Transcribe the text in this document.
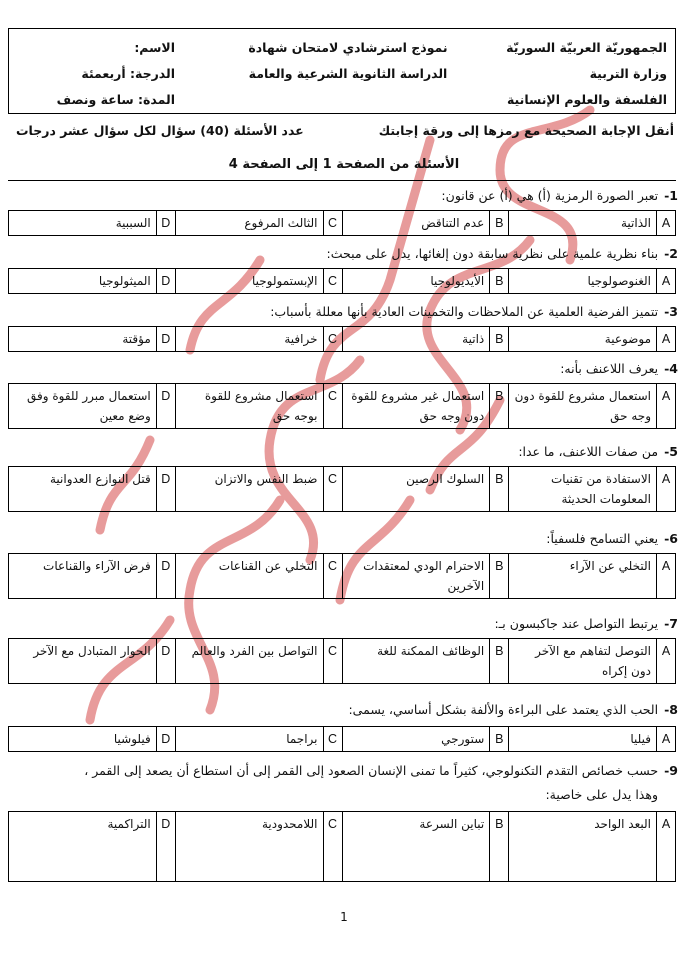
الجمهوريّة العربيّة السوريّة
وزارة التربية
الفلسفة والعلوم الإنسانية
نموذج استرشادي لامتحان شهادة
الدراسة الثانوية الشرعية والعامة
الاسم:
الدرجة: أربعمئة
المدة: ساعة ونصف
أنقل الإجابة الصحيحة مع رمزها إلى ورقة إجابتك
عدد الأسئلة (40) سؤال لكل سؤال عشر درجات
الأسئلة من الصفحة 1 إلى الصفحة 4
1-تعبر الصورة الرمزية (أ) هي (أ) عن قانون:
A	الذاتية	B	عدم التناقض	C	الثالث المرفوع	D	السببية
2-بناء نظرية علمية على نظرية سابقة دون إلغائها، يدل على مبحث:
A	الغنوصولوجيا	B	الأيديولوجيا	C	الإبستمولوجيا	D	الميثولوجيا
3-تتميز الفرضية العلمية عن الملاحظات والتخمينات العادية بأنها معللة بأسباب:
A	موضوعية	B	ذاتية	C	خرافية	D	مؤقتة
4-يعرف اللاعنف بأنه:
A	استعمال مشروع للقوة دون وجه حق	B	استعمال غير مشروع للقوة دون وجه حق	C	استعمال مشروع للقوة بوجه حق	D	استعمال مبرر للقوة وفق وضع معين
5-من صفات اللاعنف، ما عدا:
A	الاستفادة من تقنيات المعلومات الحديثة	B	السلوك الرصين	C	ضبط النفس والاتزان	D	قتل النوازع العدوانية
6-يعني التسامح فلسفياً:
A	التخلي عن الآراء	B	الاحترام الودي لمعتقدات الآخرين	C	التخلي عن القناعات	D	فرض الآراء والقناعات
7-يرتبط التواصل عند جاكبسون بـ:
A	التوصل لتفاهم مع الآخر دون إكراه	B	الوظائف الممكنة للغة	C	التواصل بين الفرد والعالم	D	الحوار المتبادل مع الآخر
8-الحب الذي يعتمد على البراءة والألفة بشكل أساسي، يسمى:
A	فيليا	B	ستورجي	C	براجما	D	فيلوشيا
9-حسب خصائص التقدم التكنولوجي، كثيراً ما تمنى الإنسان الصعود إلى القمر إلى أن استطاع أن يصعد إلى القمر ،
وهذا يدل على خاصية:
A	البعد الواحد	B	تباين السرعة	C	اللامحدودية	D	التراكمية
1
